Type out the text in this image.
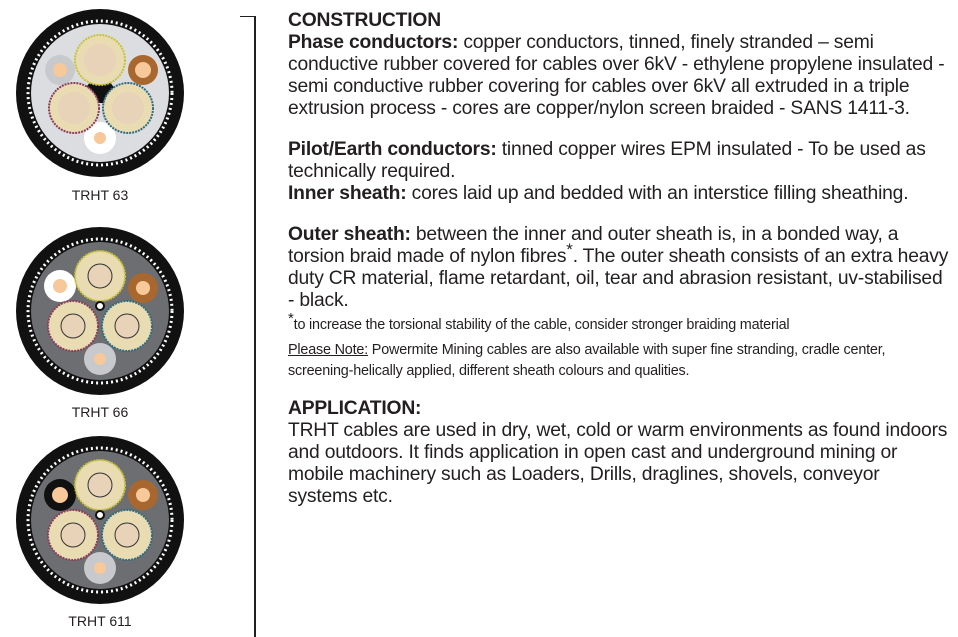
TRHT 63
TRHT 66
TRHT 611
CONSTRUCTION

Phase conductors: copper conductors, tinned, finely stranded – semi conductive rubber covered for cables over 6kV - ethylene propylene insulated - semi conductive rubber covering for cables over 6kV all extruded in a triple extrusion process - cores are copper/nylon screen braided - SANS 1411-3.

Pilot/Earth conductors: tinned copper wires EPM insulated - To be used as technically required.

Inner sheath: cores laid up and bedded with an interstice filling sheathing.

Outer sheath: between the inner and outer sheath is, in a bonded way, a torsion braid made of nylon fibres*. The outer sheath consists of an extra heavy duty CR material, flame retardant, oil, tear and abrasion resistant, uv-stabilised - black.

*to increase the torsional stability of the cable, consider stronger braiding material

Please Note: Powermite Mining cables are also available with super fine stranding, cradle center, screening-helically applied, different sheath colours and qualities.

APPLICATION:

TRHT cables are used in dry, wet, cold or warm environments as found indoors and outdoors. It finds application in open cast and underground mining or mobile machinery such as Loaders, Drills, draglines, shovels, conveyor systems etc.
